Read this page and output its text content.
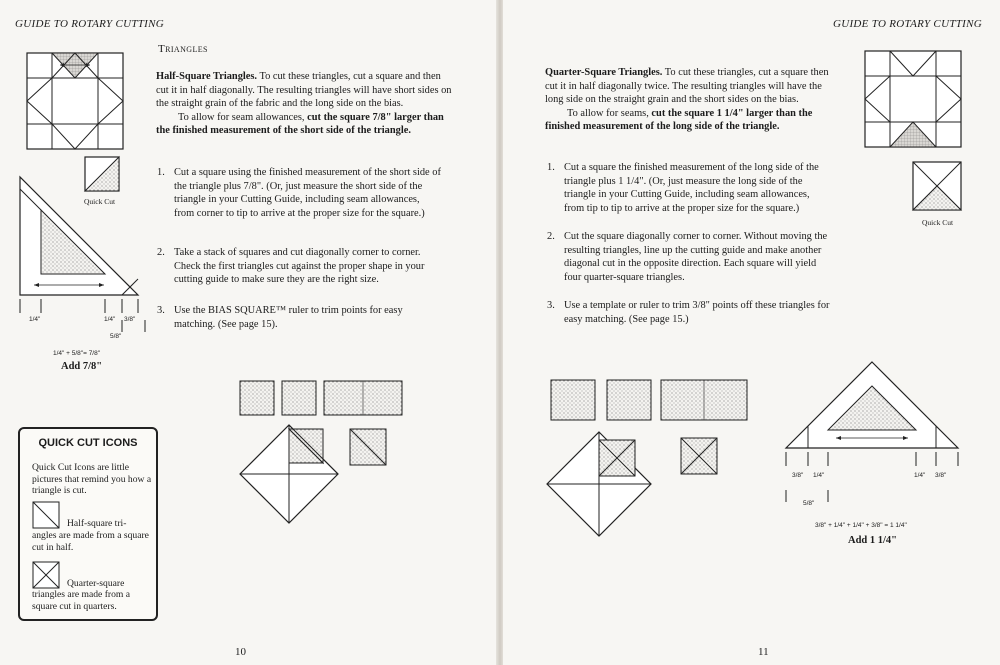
GUIDE TO ROTARY CUTTING
Quick Cut
1/4"	1/4" 3/8"
5/8"
1/4" + 5/8"= 7/8"
Add 7/8"
Triangles

Half-Square Triangles. To cut these triangles, cut a square and then cut it in half diagonally. The resulting triangles will have short sides on the straight grain of the fabric and the long side on the bias.

To allow for seam allowances, cut the square 7/8" larger than the finished measurement of the short side of the triangle.

1. Cut a square using the finished measurement of the short side of the triangle plus 7/8". (Or, just measure the short side of the triangle in your Cutting Guide, including seam allowances, from corner to tip to arrive at the proper size for the square.)
2. Take a stack of squares and cut diagonally corner to corner. Check the first triangles cut against the proper shape in your cutting guide to make sure they are the right size.
3. Use the BIAS SQUARE™ ruler to trim points for easy matching. (See page 15).
QUICK CUT ICONS
Quick Cut Icons are little pictures that remind you how a triangle is cut.
Half-square tri-
angles are made from a square cut in half.
Quarter-square
triangles are made from a square cut in quarters.
10
GUIDE TO ROTARY CUTTING

Quarter-Square Triangles. To cut these triangles, cut a square then cut it in half diagonally twice. The resulting triangles will have the long side on the straight grain and the short sides on the bias.

To allow for seams, cut the square 1 1/4" larger than the finished measurement of the long side of the triangle.

1. Cut a square the finished measurement of the long side of the triangle plus 1 1/4". (Or, just measure the long side of the triangle in your Cutting Guide, including seam allowances, from tip to tip to arrive at the proper size for the square.)
2. Cut the square diagonally corner to corner. Without moving the resulting triangles, line up the cutting guide and make another diagonal cut in the opposite direction. Each square will yield four quarter-square triangles.
3. Use a template or ruler to trim 3/8" points off these triangles for easy matching. (See page 15.)
Quick Cut
3/8" 1/4"	1/4" 3/8"
5/8"
3/8" + 1/4" + 1/4" + 3/8" = 1 1/4"
Add 1 1/4"
11
